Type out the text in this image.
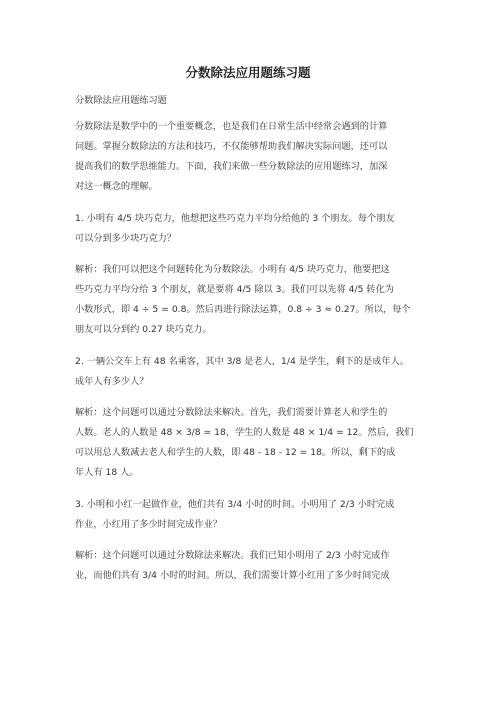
分数除法应用题练习题
分数除法应用题练习题
分数除法是数学中的一个重要概念，也是我们在日常生活中经常会遇到的计算
问题。掌握分数除法的方法和技巧，不仅能够帮助我们解决实际问题，还可以
提高我们的数学思维能力。下面，我们来做一些分数除法的应用题练习，加深
对这一概念的理解。
1. 小明有 4/5 块巧克力，他想把这些巧克力平均分给他的 3 个朋友。每个朋友
可以分到多少块巧克力？
解析：我们可以把这个问题转化为分数除法。小明有 4/5 块巧克力，他要把这
些巧克力平均分给 3 个朋友，就是要将 4/5 除以 3。我们可以先将 4/5 转化为
小数形式，即 4 ÷ 5 = 0.8。然后再进行除法运算，0.8 ÷ 3 ≈ 0.27。所以，每个
朋友可以分到约 0.27 块巧克力。
2. 一辆公交车上有 48 名乘客，其中 3/8 是老人，1/4 是学生，剩下的是成年人。
成年人有多少人？
解析：这个问题可以通过分数除法来解决。首先，我们需要计算老人和学生的
人数。老人的人数是 48 × 3/8 = 18，学生的人数是 48 × 1/4 = 12。然后，我们
可以用总人数减去老人和学生的人数，即 48 - 18 - 12 = 18。所以，剩下的成
年人有 18 人。
3. 小明和小红一起做作业，他们共有 3/4 小时的时间。小明用了 2/3 小时完成
作业，小红用了多少时间完成作业？
解析：这个问题可以通过分数除法来解决。我们已知小明用了 2/3 小时完成作
业，而他们共有 3/4 小时的时间。所以，我们需要计算小红用了多少时间完成
